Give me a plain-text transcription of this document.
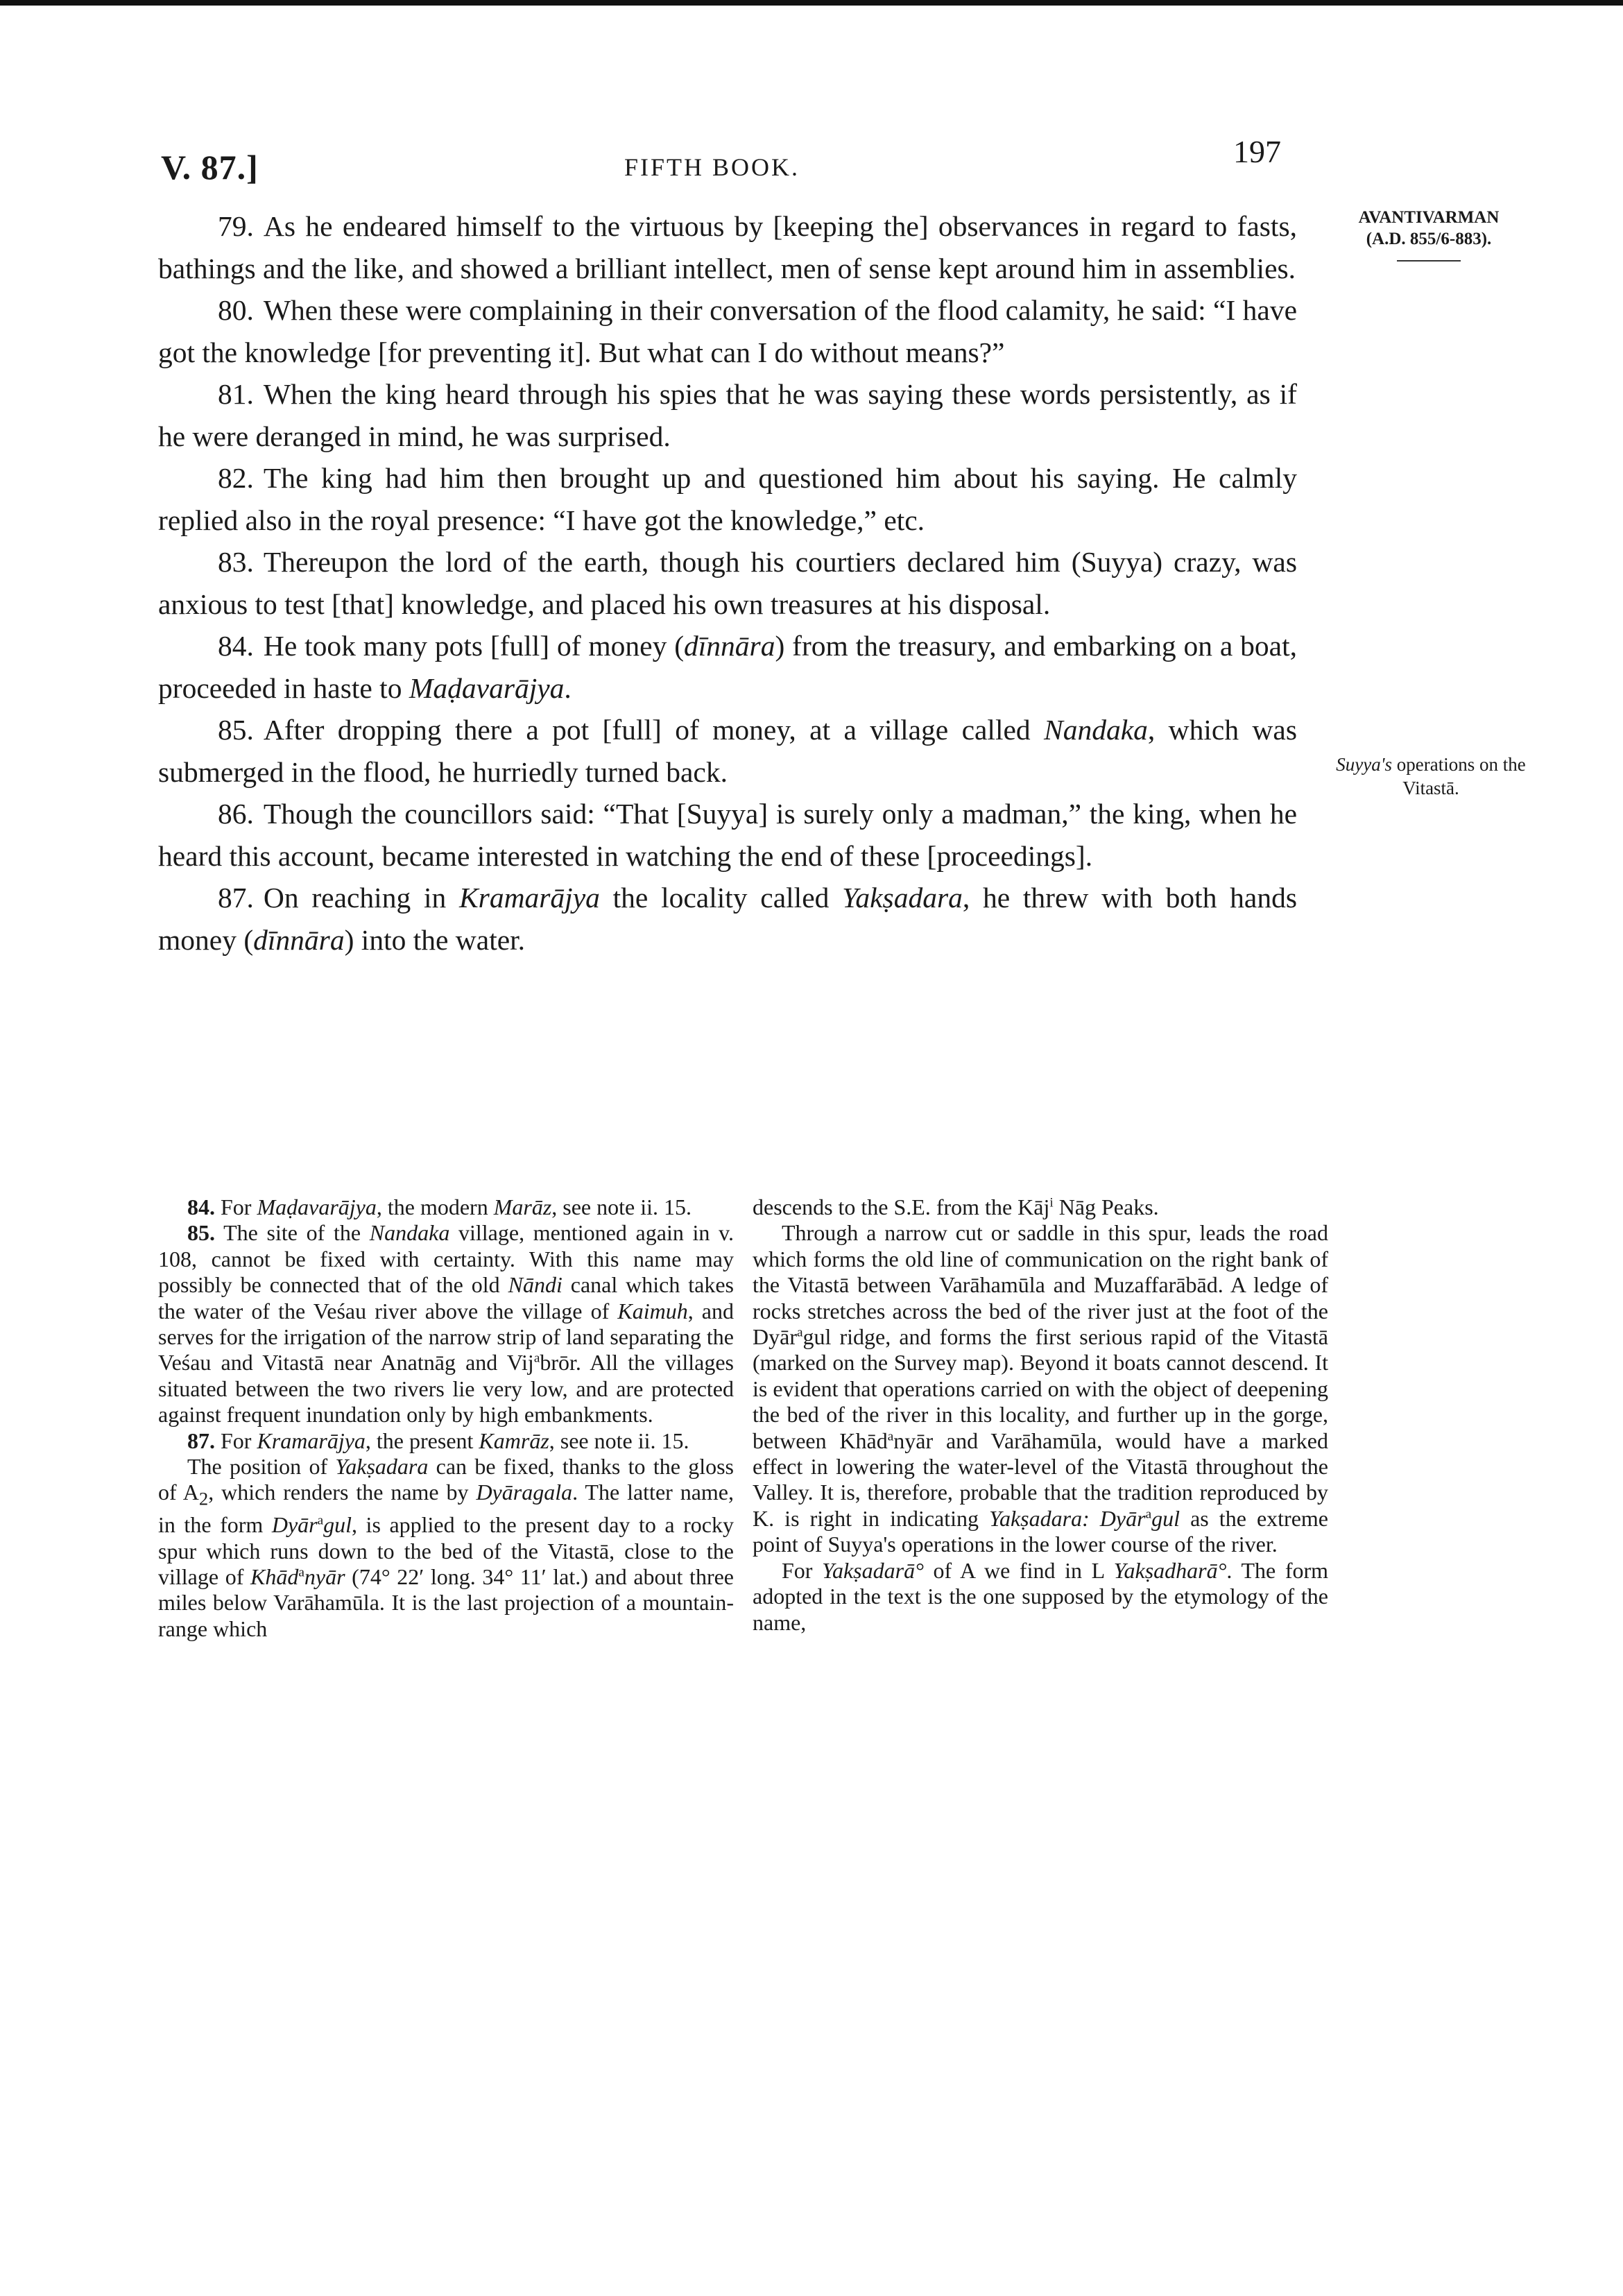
V. 87.]	FIFTH BOOK.	197
AVANTIVARMAN
(A.D. 855/6-883).
Suyya's operations on the Vitastā.

79. As he endeared himself to the virtuous by [keeping the] observances in regard to fasts, bathings and the like, and showed a brilliant intellect, men of sense kept around him in assemblies.

80. When these were complaining in their conversation of the flood calamity, he said: “I have got the knowledge [for preventing it]. But what can I do without means?”

81. When the king heard through his spies that he was saying these words persistently, as if he were deranged in mind, he was surprised.

82. The king had him then brought up and questioned him about his saying. He calmly replied also in the royal presence: “I have got the knowledge,” etc.

83. Thereupon the lord of the earth, though his courtiers declared him (Suyya) crazy, was anxious to test [that] knowledge, and placed his own treasures at his disposal.

84. He took many pots [full] of money (dīnnāra) from the treasury, and embarking on a boat, proceeded in haste to Maḍavarājya.

85. After dropping there a pot [full] of money, at a village called Nandaka, which was submerged in the flood, he hurriedly turned back.

86. Though the councillors said: “That [Suyya] is surely only a madman,” the king, when he heard this account, became interested in watching the end of these [proceedings].

87. On reaching in Kramarājya the locality called Yakṣadara, he threw with both hands money (dīnnāra) into the water.

84. For Maḍavarājya, the modern Marāz, see note ii. 15.

85. The site of the Nandaka village, mentioned again in v. 108, cannot be fixed with certainty. With this name may possibly be connected that of the old Nāndi canal which takes the water of the Veśau river above the village of Kaimuh, and serves for the irrigation of the narrow strip of land separating the Veśau and Vitastā near Anatnāg and Vij$^a$brōr. All the villages situated between the two rivers lie very low, and are protected against frequent inundation only by high embankments.

87. For Kramarājya, the present Kamrāz, see note ii. 15.

The position of Yakṣadara can be fixed, thanks to the gloss of $A_2$, which renders the name by Dyāragala. The latter name, in the form Dyār$^a$gul, is applied to the present day to a rocky spur which runs down to the bed of the Vitastā, close to the village of Khād$^a$nyār (74° 22′ long. 34° 11′ lat.) and about three miles below Varāhamūla. It is the last projection of a mountain-range which

descends to the S.E. from the Kāj$^i$ Nāg Peaks.

Through a narrow cut or saddle in this spur, leads the road which forms the old line of communication on the right bank of the Vitastā between Varāhamūla and Muzaffarābād. A ledge of rocks stretches across the bed of the river just at the foot of the Dyār$^a$gul ridge, and forms the first serious rapid of the Vitastā (marked on the Survey map). Beyond it boats cannot descend. It is evident that operations carried on with the object of deepening the bed of the river in this locality, and further up in the gorge, between Khād$^a$nyār and Varāhamūla, would have a marked effect in lowering the water-level of the Vitastā throughout the Valley. It is, therefore, probable that the tradition reproduced by K. is right in indicating Yakṣadara: Dyār$^a$gul as the extreme point of Suyya's operations in the lower course of the river.

For Yakṣadarā° of A we find in L Yakṣadharā°. The form adopted in the text is the one supposed by the etymology of the name,
